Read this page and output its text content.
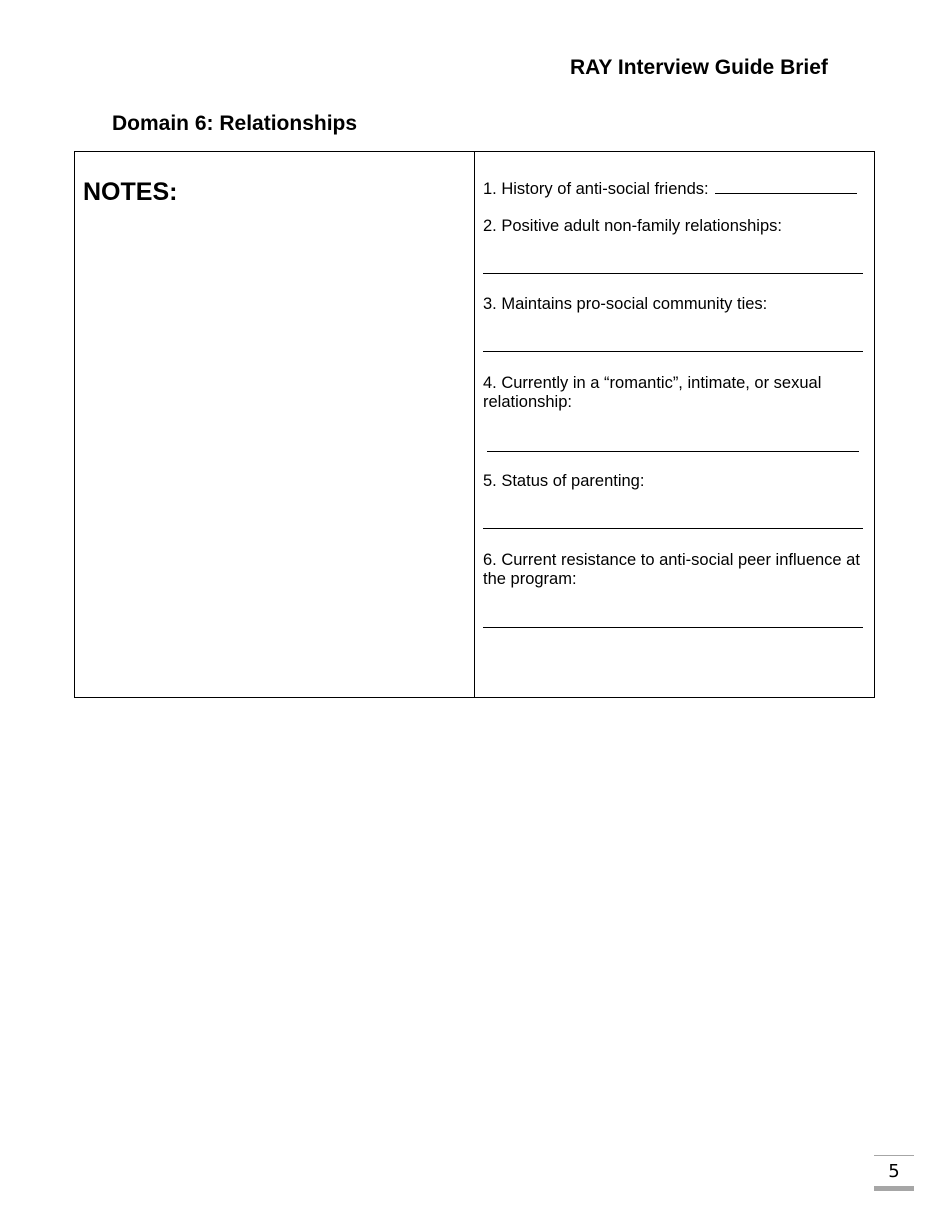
RAY Interview Guide Brief
Domain 6: Relationships
NOTES:	1. History of anti-social friends:
2. Positive adult non-family relationships:
3. Maintains pro-social community ties:
4. Currently in a “romantic”, intimate, or sexual relationship:
5. Status of parenting:
6. Current resistance to anti-social peer influence at the program:
5
